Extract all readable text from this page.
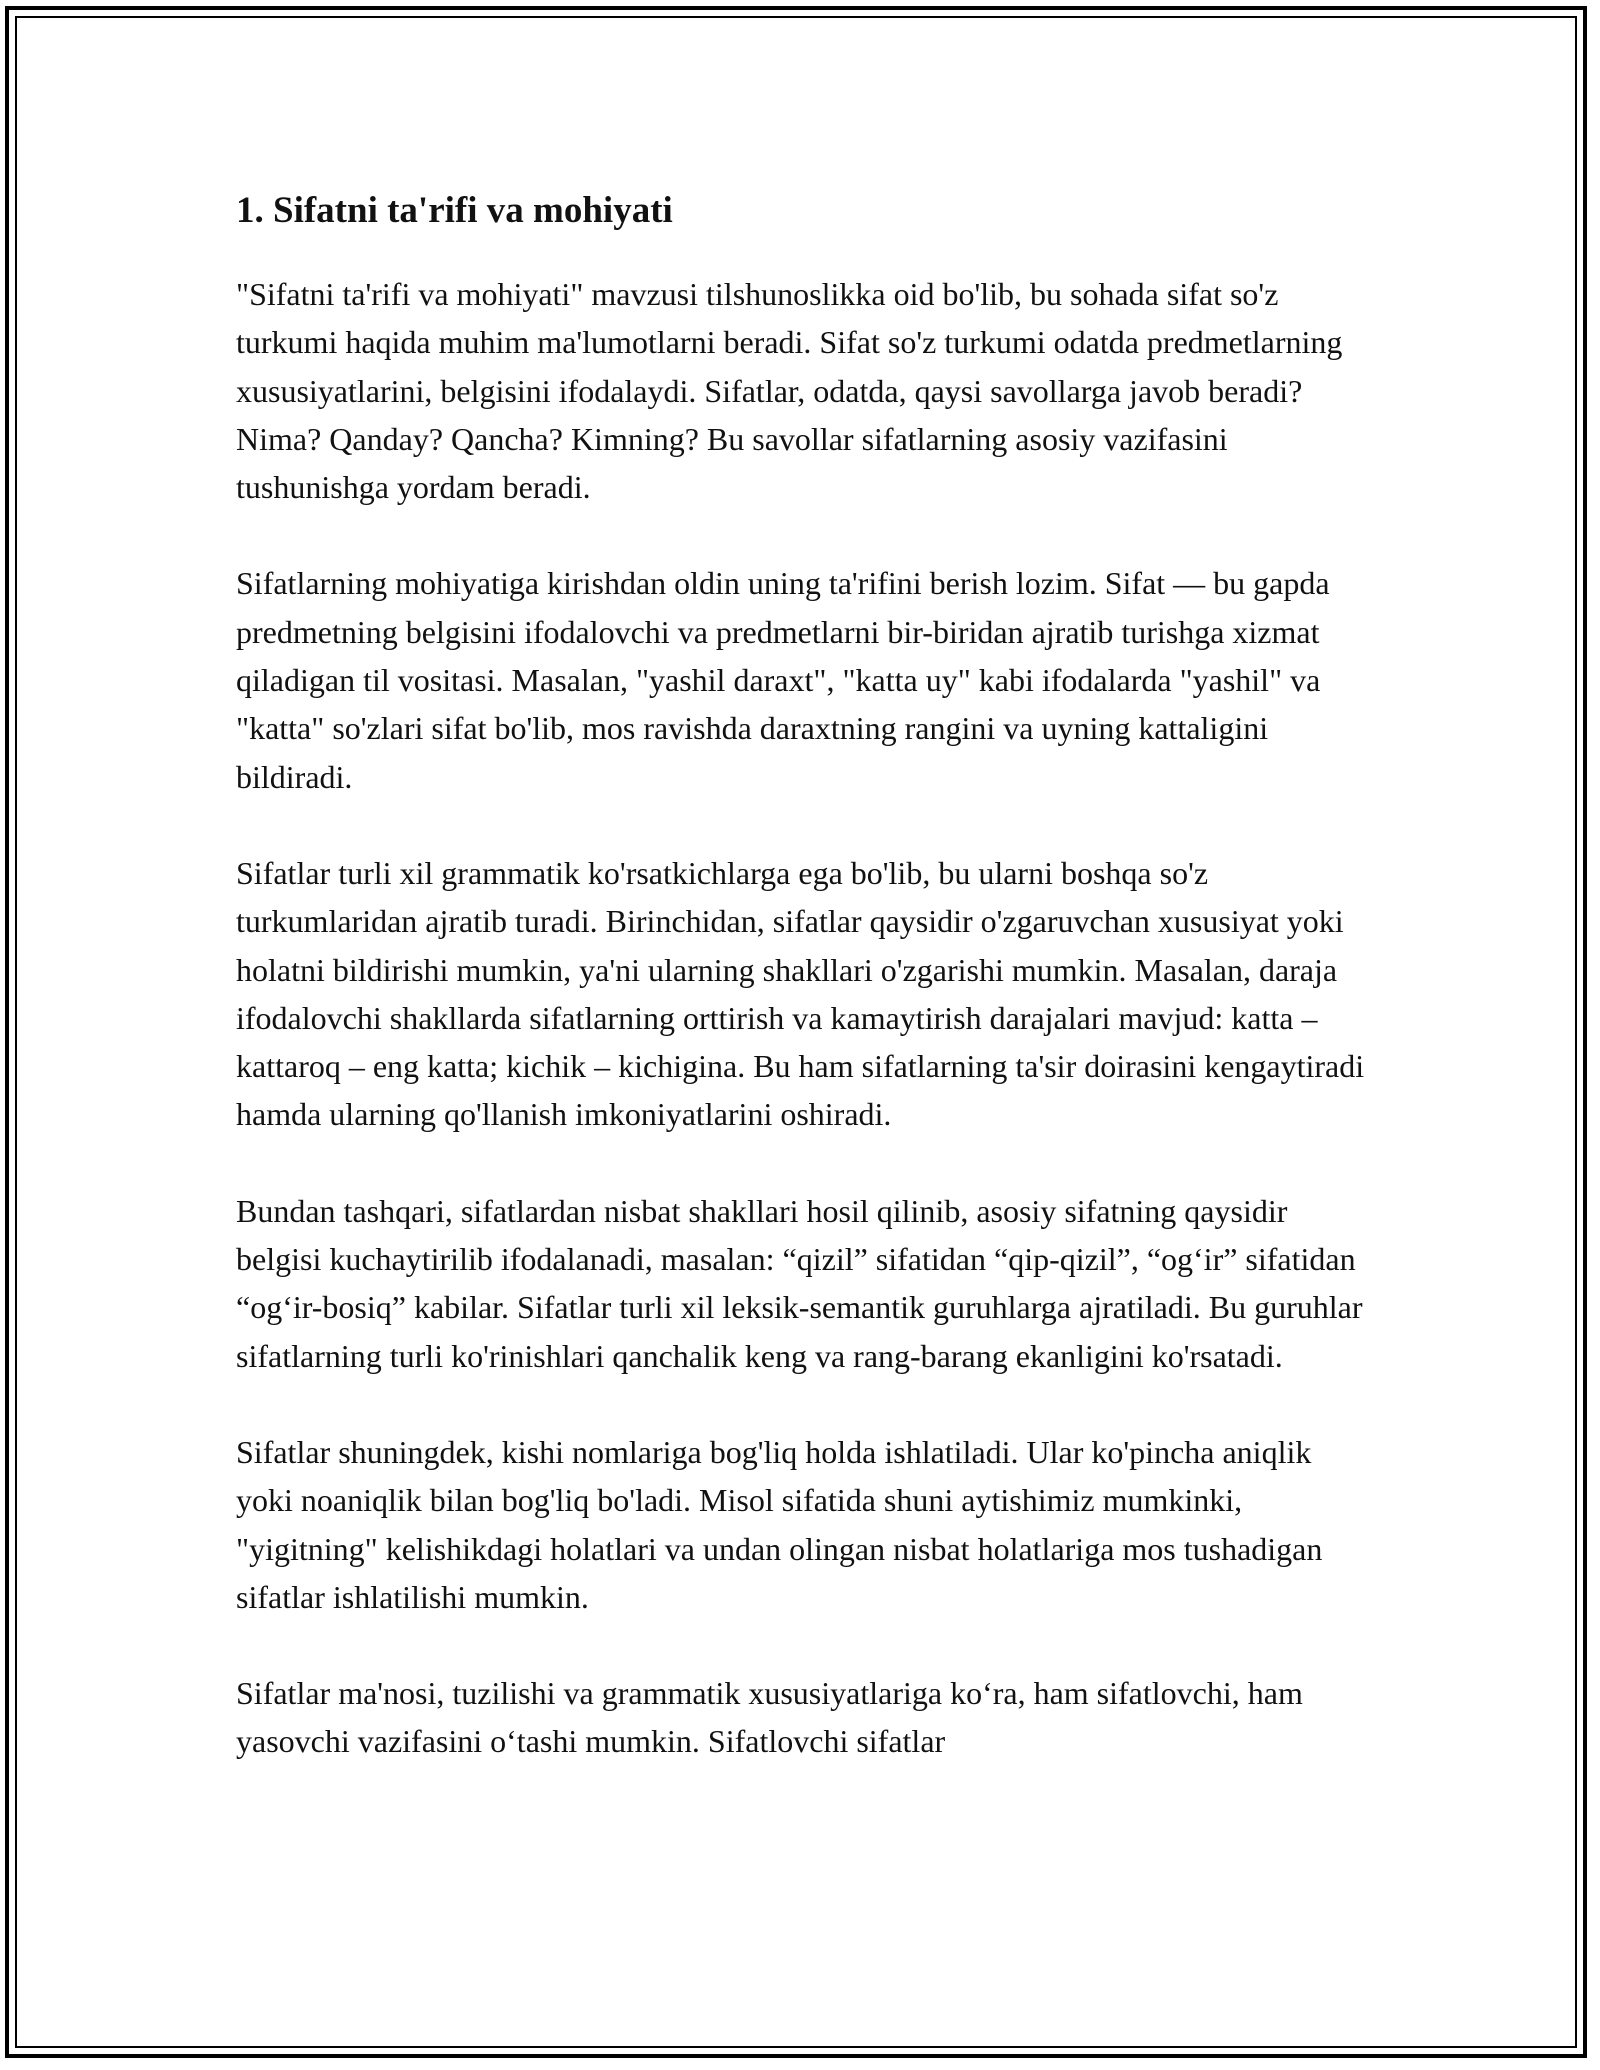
1. Sifatni ta'rifi va mohiyati

"Sifatni ta'rifi va mohiyati" mavzusi tilshunoslikka oid bo'lib, bu sohada sifat so'z turkumi haqida muhim ma'lumotlarni beradi. Sifat so'z turkumi odatda predmetlarning xususiyatlarini, belgisini ifodalaydi. Sifatlar, odatda, qaysi savollarga javob beradi? Nima? Qanday? Qancha? Kimning? Bu savollar sifatlarning asosiy vazifasini tushunishga yordam beradi.

Sifatlarning mohiyatiga kirishdan oldin uning ta'rifini berish lozim. Sifat — bu gapda predmetning belgisini ifodalovchi va predmetlarni bir-biridan ajratib turishga xizmat qiladigan til vositasi. Masalan, "yashil daraxt", "katta uy" kabi ifodalarda "yashil" va "katta" so'zlari sifat bo'lib, mos ravishda daraxtning rangini va uyning kattaligini bildiradi.

Sifatlar turli xil grammatik ko'rsatkichlarga ega bo'lib, bu ularni boshqa so'z turkumlaridan ajratib turadi. Birinchidan, sifatlar qaysidir o'zgaruvchan xususiyat yoki holatni bildirishi mumkin, ya'ni ularning shakllari o'zgarishi mumkin. Masalan, daraja ifodalovchi shakllarda sifatlarning orttirish va kamaytirish darajalari mavjud: katta – kattaroq – eng katta; kichik – kichigina. Bu ham sifatlarning ta'sir doirasini kengaytiradi hamda ularning qo'llanish imkoniyatlarini oshiradi.

Bundan tashqari, sifatlardan nisbat shakllari hosil qilinib, asosiy sifatning qaysidir belgisi kuchaytirilib ifodalanadi, masalan: “qizil” sifatidan “qip-qizil”, “og‘ir” sifatidan “og‘ir-bosiq” kabilar. Sifatlar turli xil leksik-semantik guruhlarga ajratiladi. Bu guruhlar sifatlarning turli ko'rinishlari qanchalik keng va rang-barang ekanligini ko'rsatadi.

Sifatlar shuningdek, kishi nomlariga bog'liq holda ishlatiladi. Ular ko'pincha aniqlik yoki noaniqlik bilan bog'liq bo'ladi. Misol sifatida shuni aytishimiz mumkinki, "yigitning" kelishikdagi holatlari va undan olingan nisbat holatlariga mos tushadigan sifatlar ishlatilishi mumkin.

Sifatlar ma'nosi, tuzilishi va grammatik xususiyatlariga ko‘ra, ham sifatlovchi, ham yasovchi vazifasini o‘tashi mumkin. Sifatlovchi sifatlar
